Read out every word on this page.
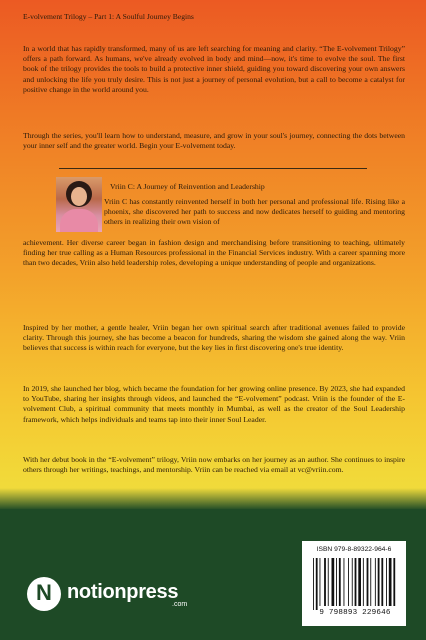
E-volvement Trilogy – Part 1: A Soulful Journey Begins
In a world that has rapidly transformed, many of us are left searching for meaning and clarity. “The E-volvement Trilogy” offers a path forward. As humans, we've already evolved in body and mind—now, it's time to evolve the soul. The first book of the trilogy provides the tools to build a protective inner shield, guiding you toward discovering your own answers and unlocking the life you truly desire. This is not just a journey of personal evolution, but a call to become a catalyst for positive change in the world around you.
Through the series, you'll learn how to understand, measure, and grow in your soul's journey, connecting the dots between your inner self and the greater world. Begin your E-volvement today.
Vriin C: A Journey of Reinvention and Leadership
Vriin C has constantly reinvented herself in both her personal and professional life. Rising like a phoenix, she discovered her path to success and now dedicates herself to guiding and mentoring others in realizing their own vision of
achievement. Her diverse career began in fashion design and merchandising before transitioning to teaching, ultimately finding her true calling as a Human Resources professional in the Financial Services industry. With a career spanning more than two decades, Vriin also held leadership roles, developing a unique understanding of people and organizations.
Inspired by her mother, a gentle healer, Vriin began her own spiritual search after traditional avenues failed to provide clarity. Through this journey, she has become a beacon for hundreds, sharing the wisdom she gained along the way. Vriin believes that success is within reach for everyone, but the key lies in first discovering one's true identity.
In 2019, she launched her blog, which became the foundation for her growing online presence. By 2023, she had expanded to YouTube, sharing her insights through videos, and launched the “E-volvement” podcast. Vriin is the founder of the E-volvement Club, a spiritual community that meets monthly in Mumbai, as well as the creator of the Soul Leadership framework, which helps individuals and teams tap into their inner Soul Leader.
With her debut book in the “E-volvement” trilogy, Vriin now embarks on her journey as an author. She continues to inspire others through her writings, teachings, and mentorship. Vriin can be reached via email at vc@vriin.com.
N notionpress
.com
ISBN 979-8-89322-964-6
9 798893 229646
